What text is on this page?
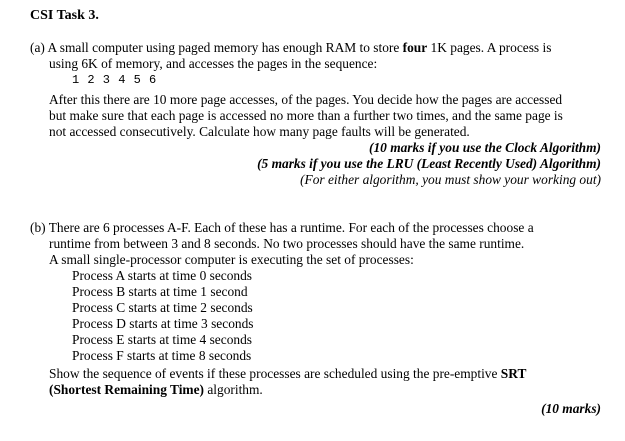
CSI Task 3.
(a) A small computer using paged memory has enough RAM to store four 1K pages. A process is
using 6K of memory, and accesses the pages in the sequence:
1 2 3 4 5 6
After this there are 10 more page accesses, of the pages. You decide how the pages are accessed
but make sure that each page is accessed no more than a further two times, and the same page is
not accessed consecutively. Calculate how many page faults will be generated.
(10 marks if you use the Clock Algorithm)
(5 marks if you use the LRU (Least Recently Used) Algorithm)
(For either algorithm, you must show your working out)
(b) There are 6 processes A-F. Each of these has a runtime. For each of the processes choose a
runtime from between 3 and 8 seconds. No two processes should have the same runtime.
A small single-processor computer is executing the set of processes:
Process A starts at time 0 seconds
Process B starts at time 1 second
Process C starts at time 2 seconds
Process D starts at time 3 seconds
Process E starts at time 4 seconds
Process F starts at time 8 seconds
Show the sequence of events if these processes are scheduled using the pre-emptive SRT
(Shortest Remaining Time) algorithm.
(10 marks)
